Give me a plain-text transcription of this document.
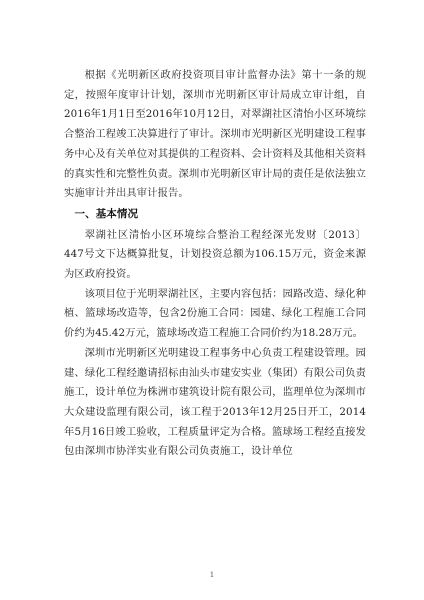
根据《光明新区政府投资项目审计监督办法》第十一条的规定，按照年度审计计划，深圳市光明新区审计局成立审计组，自2016年1月1日至2016年10月12日，对翠湖社区清怡小区环境综合整治工程竣工决算进行了审计。深圳市光明新区光明建设工程事务中心及有关单位对其提供的工程资料、会计资料及其他相关资料的真实性和完整性负责。深圳市光明新区审计局的责任是依法独立实施审计并出具审计报告。

一、基本情况

翠湖社区清怡小区环境综合整治工程经深光发财〔2013〕447号文下达概算批复，计划投资总额为106.15万元，资金来源为区政府投资。

该项目位于光明翠湖社区，主要内容包括：园路改造、绿化种植、篮球场改造等，包含2份施工合同：园建、绿化工程施工合同价约为45.42万元，篮球场改造工程施工合同价约为18.28万元。

深圳市光明新区光明建设工程事务中心负责工程建设管理。园建、绿化工程经邀请招标由汕头市建安实业（集团）有限公司负责施工，设计单位为株洲市建筑设计院有限公司，监理单位为深圳市大众建设监理有限公司，该工程于2013年12月25日开工，2014年5月16日竣工验收，工程质量评定为合格。篮球场工程经直接发包由深圳市协洋实业有限公司负责施工，设计单位

1
